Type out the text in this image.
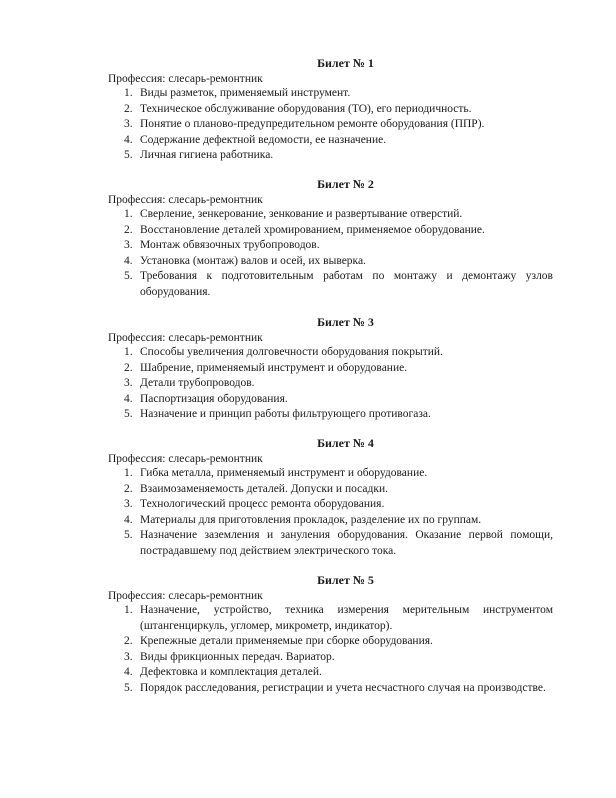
Билет № 1
Профессия: слесарь-ремонтник
1. Виды разметок, применяемый инструмент.
2. Техническое обслуживание оборудования (ТО), его периодичность.
3. Понятие о планово-предупредительном ремонте оборудования (ППР).
4. Содержание дефектной ведомости, ее назначение.
5. Личная гигиена работника.
Билет № 2
Профессия: слесарь-ремонтник
1. Сверление, зенкерование, зенкование и развертывание отверстий.
2. Восстановление деталей хромированием, применяемое оборудование.
3. Монтаж обвязочных трубопроводов.
4. Установка (монтаж) валов и осей, их выверка.
5. Требования к подготовительным работам по монтажу и демонтажу узлов оборудования.
Билет № 3
Профессия: слесарь-ремонтник
1. Способы увеличения долговечности оборудования покрытий.
2. Шабрение, применяемый инструмент и оборудование.
3. Детали трубопроводов.
4. Паспортизация оборудования.
5. Назначение и принцип работы фильтрующего противогаза.
Билет № 4
Профессия: слесарь-ремонтник
1. Гибка металла, применяемый инструмент и оборудование.
2. Взаимозаменяемость деталей. Допуски и посадки.
3. Технологический процесс ремонта оборудования.
4. Материалы для приготовления прокладок, разделение их по группам.
5. Назначение заземления и зануления оборудования. Оказание первой помощи, пострадавшему под действием электрического тока.
Билет № 5
Профессия: слесарь-ремонтник
1. Назначение, устройство, техника измерения мерительным инструментом (штангенциркуль, угломер, микрометр, индикатор).
2. Крепежные детали применяемые при сборке оборудования.
3. Виды фрикционных передач. Вариатор.
4. Дефектовка и комплектация деталей.
5. Порядок расследования, регистрации и учета несчастного случая на производстве.
